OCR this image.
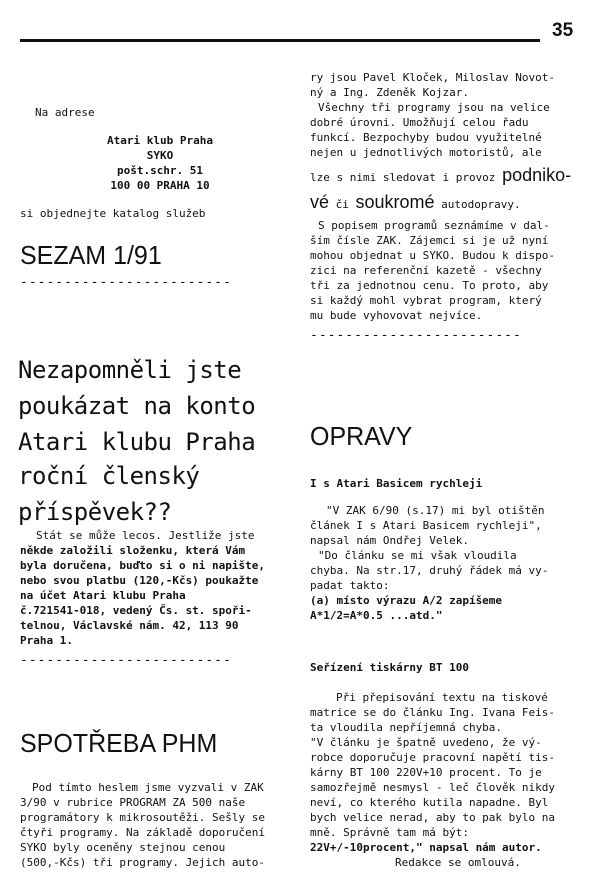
35
Na adrese
Atari klub Praha
SYKO
pošt.schr. 51
100 00 PRAHA 10
si objednejte katalog služeb
SEZAM 1/91
------------------------
Nezapomněli jste
poukázat na konto
Atari klubu Praha
roční členský
příspěvek??
Stát se může lecos. Jestliže jste
někde založili složenku, která Vám
byla doručena, buďto si o ni napište,
nebo svou platbu (120,-Kčs) poukažte
na účet Atari klubu Praha
č.721541-018, vedený Čs. st. spoři-
telnou, Václavské nám. 42, 113 90
Praha 1.
------------------------
SPOTŘEBA PHM
Pod tímto heslem jsme vyzvali v ZAK
3/90 v rubrice PROGRAM ZA 500 naše
programátory k mikrosoutěži. Sešly se
čtyři programy. Na základě doporučení
SYKO byly oceněny stejnou cenou
(500,-Kčs) tři programy. Jejich auto-
ry jsou Pavel Kloček, Miloslav Novot-
ný a Ing. Zdeněk Kojzar.
Všechny tři programy jsou na velice
dobré úrovni. Umožňují celou řadu
funkcí. Bezpochyby budou využitelné
nejen u jednotlivých motoristů, ale
lze s nimi sledovat i provoz podniko-
vé či soukromé autodopravy.
S popisem programů seznámíme v dal-
ším čísle ZAK. Zájemci si je už nyní
mohou objednat u SYKO. Budou k dispo-
zici na referenční kazetě - všechny
tři za jednotnou cenu. To proto, aby
si každý mohl vybrat program, který
mu bude vyhovovat nejvíce.
------------------------
OPRAVY
I s Atari Basicem rychleji
"V ZAK 6/90 (s.17) mi byl otištěn
článek I s Atari Basicem rychleji",
napsal nám Ondřej Velek.
"Do článku se mi však vloudila
chyba. Na str.17, druhý řádek má vy-
padat takto:
(a) místo výrazu A/2 zapíšeme
A*1/2=A*0.5 ...atd."
Seřízení tiskárny BT 100
Při přepisování textu na tiskové
matrice se do článku Ing. Ivana Feis-
ta vloudila nepříjemná chyba.
"V článku je špatně uvedeno, že vý-
robce doporučuje pracovní napětí tis-
kárny BT 100 220V+10 procent. To je
samozřejmě nesmysl - leč člověk nikdy
neví, co kterého kutila napadne. Byl
bych velice nerad, aby to pak bylo na
mně. Správně tam má být:
22V+/-10procent," napsal nám autor.
Redakce se omlouvá.
